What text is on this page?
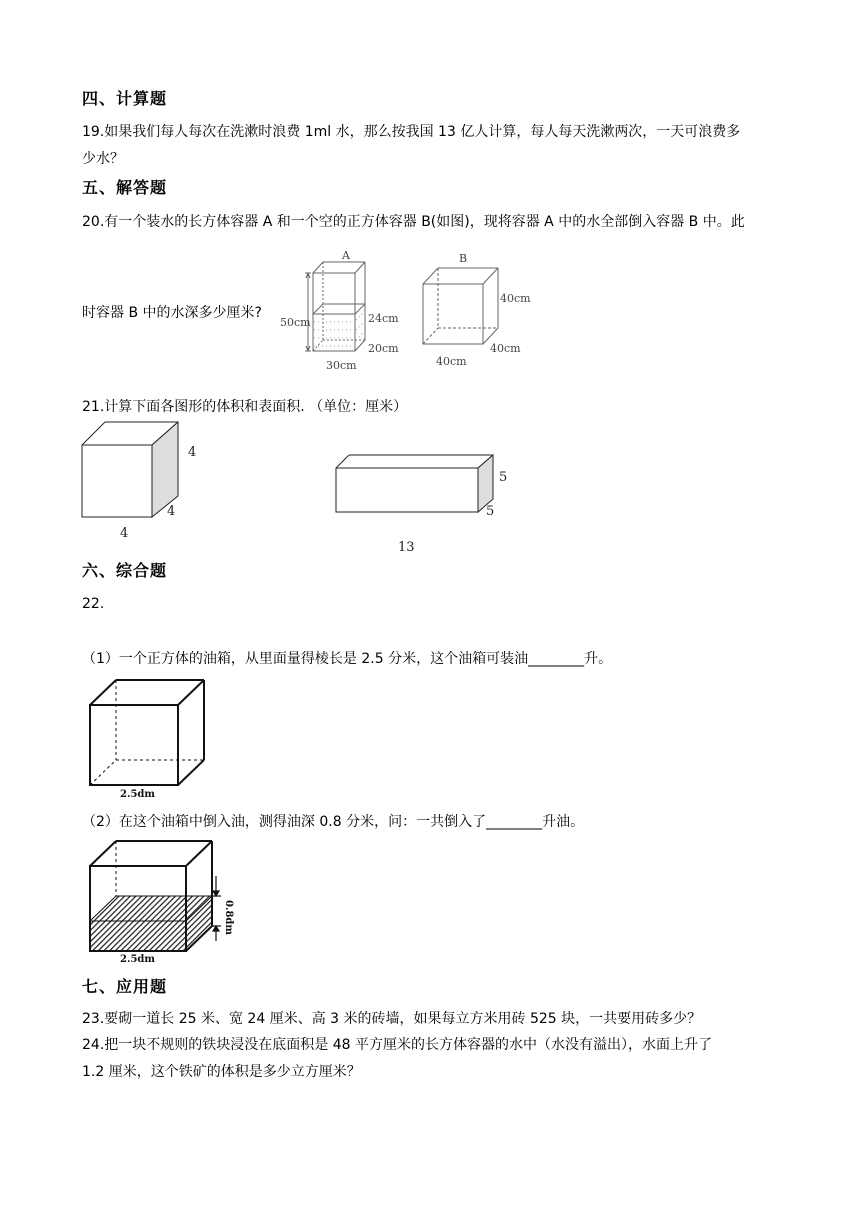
四、计算题
19.如果我们每人每次在洗漱时浪费 1ml 水，那么按我国 13 亿人计算，每人每天洗漱两次，一天可浪费多
少水？
五、解答题
20.有一个装水的长方体容器 A 和一个空的正方体容器 B(如图)，现将容器 A 中的水全部倒入容器 B 中。此
时容器 B 中的水深多少厘米?
A	B
50cm	24cm
20cm
30cm
40cm
40cm
40cm
21.计算下面各图形的体积和表面积. （单位：厘米）
4
4
4
5
5
13
六、综合题
22.
（1）一个正方体的油箱，从里面量得棱长是 2.5 分米，这个油箱可装油________升。
2.5dm
（2）在这个油箱中倒入油，测得油深 0.8 分米，问：一共倒入了________升油。
0.8dm
2.5dm
七、应用题
23.要砌一道长 25 米、宽 24 厘米、高 3 米的砖墙，如果每立方米用砖 525 块，一共要用砖多少？
24.把一块不规则的铁块浸没在底面积是 48 平方厘米的长方体容器的水中（水没有溢出），水面上升了
1.2 厘米，这个铁矿的体积是多少立方厘米？
